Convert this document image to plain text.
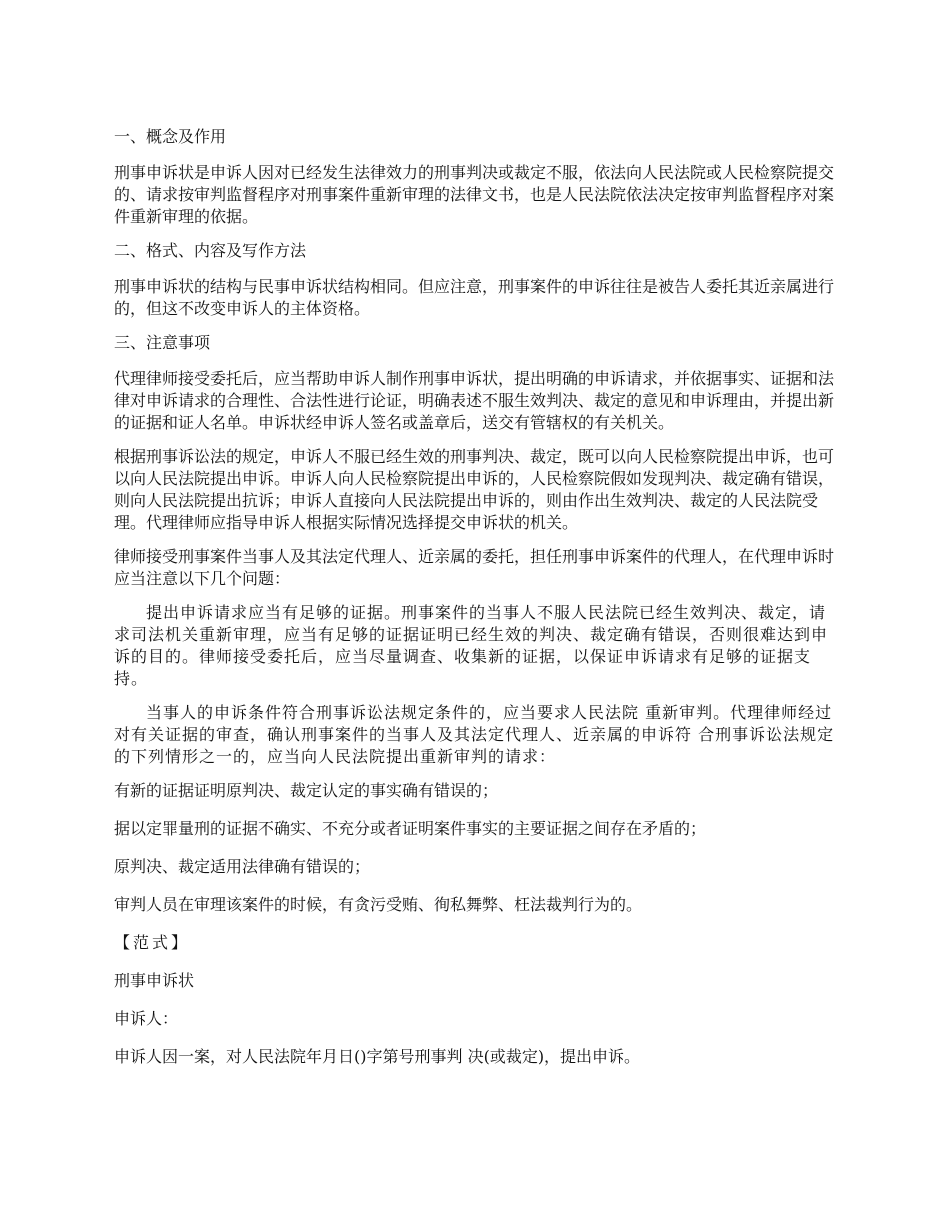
一、概念及作用

刑事申诉状是申诉人因对已经发生法律效力的刑事判决或裁定不服，依法向人民法院或人民检察院提交的、请求按审判监督程序对刑事案件重新审理的法律文书，也是人民法院依法决定按审判监督程序对案件重新审理的依据。

二、格式、内容及写作方法

刑事申诉状的结构与民事申诉状结构相同。但应注意，刑事案件的申诉往往是被告人委托其近亲属进行的，但这不改变申诉人的主体资格。

三、注意事项

代理律师接受委托后，应当帮助申诉人制作刑事申诉状，提出明确的申诉请求，并依据事实、证据和法律对申诉请求的合理性、合法性进行论证，明确表述不服生效判决、裁定的意见和申诉理由，并提出新的证据和证人名单。申诉状经申诉人签名或盖章后，送交有管辖权的有关机关。

根据刑事诉讼法的规定，申诉人不服已经生效的刑事判决、裁定，既可以向人民检察院提出申诉，也可以向人民法院提出申诉。申诉人向人民检察院提出申诉的，人民检察院假如发现判决、裁定确有错误，则向人民法院提出抗诉；申诉人直接向人民法院提出申诉的，则由作出生效判决、裁定的人民法院受理。代理律师应指导申诉人根据实际情况选择提交申诉状的机关。

律师接受刑事案件当事人及其法定代理人、近亲属的委托，担任刑事申诉案件的代理人，在代理申诉时应当注意以下几个问题：

提出申诉请求应当有足够的证据。刑事案件的当事人不服人民法院已经生效判决、裁定，请求司法机关重新审理，应当有足够的证据证明已经生效的判决、裁定确有错误，否则很难达到申诉的目的。律师接受委托后，应当尽量调查、收集新的证据，以保证申诉请求有足够的证据支持。

当事人的申诉条件符合刑事诉讼法规定条件的，应当要求人民法院 重新审判。代理律师经过对有关证据的审查，确认刑事案件的当事人及其法定代理人、近亲属的申诉符 合刑事诉讼法规定的下列情形之一的，应当向人民法院提出重新审判的请求：

有新的证据证明原判决、裁定认定的事实确有错误的；

据以定罪量刑的证据不确实、不充分或者证明案件事实的主要证据之间存在矛盾的；

原判决、裁定适用法律确有错误的；

审判人员在审理该案件的时候，有贪污受贿、徇私舞弊、枉法裁判行为的。

【范式】

刑事申诉状

申诉人：

申诉人因一案，对人民法院年月日()字第号刑事判 决(或裁定)，提出申诉。
